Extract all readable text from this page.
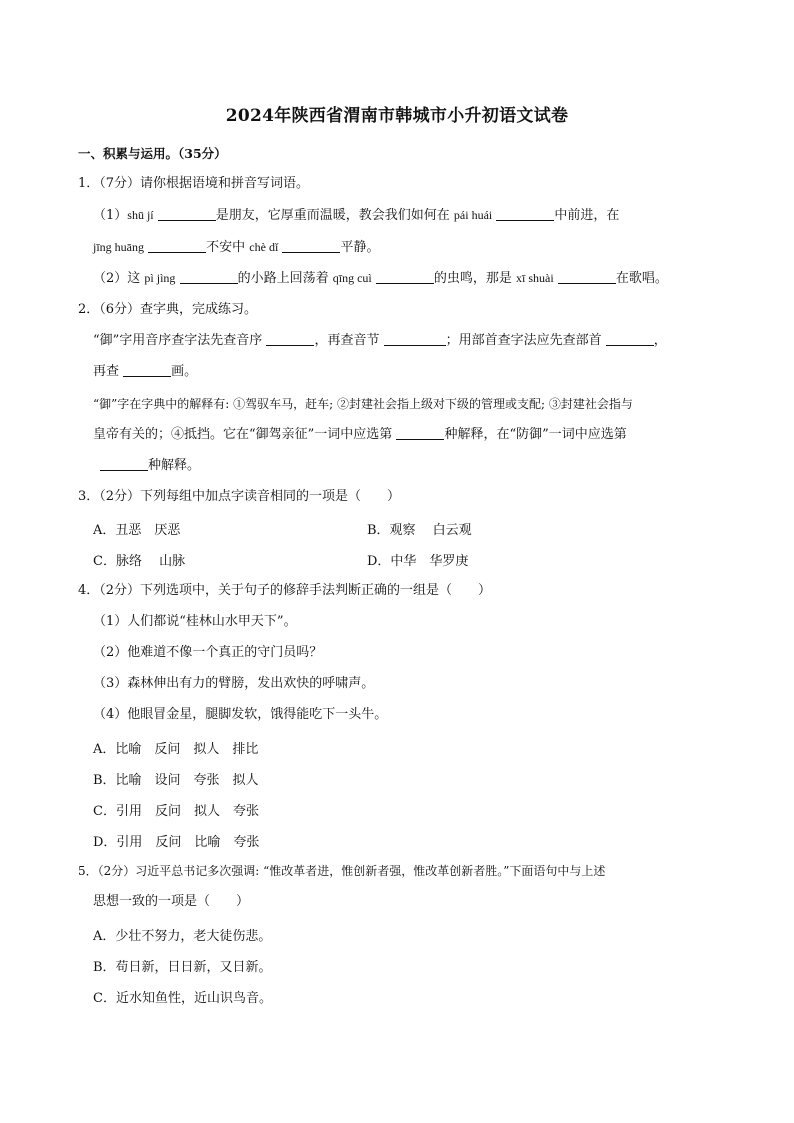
2024年陕西省渭南市韩城市小升初语文试卷
一、积累与运用。（35分）
1．（7分）请你根据语境和拼音写词语。
（1）shū jí	是朋友，它厚重而温暖，教会我们如何在 pái huái	中前进，在
jīng huāng	不安中 chè dǐ	平静。
（2）这 pì jìng	的小路上回荡着 qīng cuì	的虫鸣，那是 xī shuài	在歌唱。
2．（6分）查字典，完成练习。
“御”字用音序查字法先查音序	，再查音节	；用部首查字法应先查部首	，
再查	画。
“御”字在字典中的解释有: ①驾驭车马，赶车; ②封建社会指上级对下级的管理或支配; ③封建社会指与
皇帝有关的；④抵挡。它在“御驾亲征”一词中应选第	种解释，在“防御”一词中应选第
种解释。
3．（2分）下列每组中加点字读音相同的一项是（　　）
A．丑恶　厌恶	B．观察　 白云观
C．脉络　 山脉	D．中华　华罗庚
4．（2分）下列选项中，关于句子的修辞手法判断正确的一组是（　　）
（1）人们都说“桂林山水甲天下”。
（2）他难道不像一个真正的守门员吗？
（3）森林伸出有力的臂膀，发出欢快的呼啸声。
（4）他眼冒金星，腿脚发软，饿得能吃下一头牛。
A．比喻　反问　拟人　排比
B．比喻　设问　夸张　拟人
C．引用　反问　拟人　夸张
D．引用　反问　比喻　夸张
5．（2分）习近平总书记多次强调: “惟改革者进，惟创新者强，惟改革创新者胜。”下面语句中与上述
思想一致的一项是（　　）
A．少壮不努力，老大徒伤悲。
B．苟日新，日日新，又日新。
C．近水知鱼性，近山识鸟音。
